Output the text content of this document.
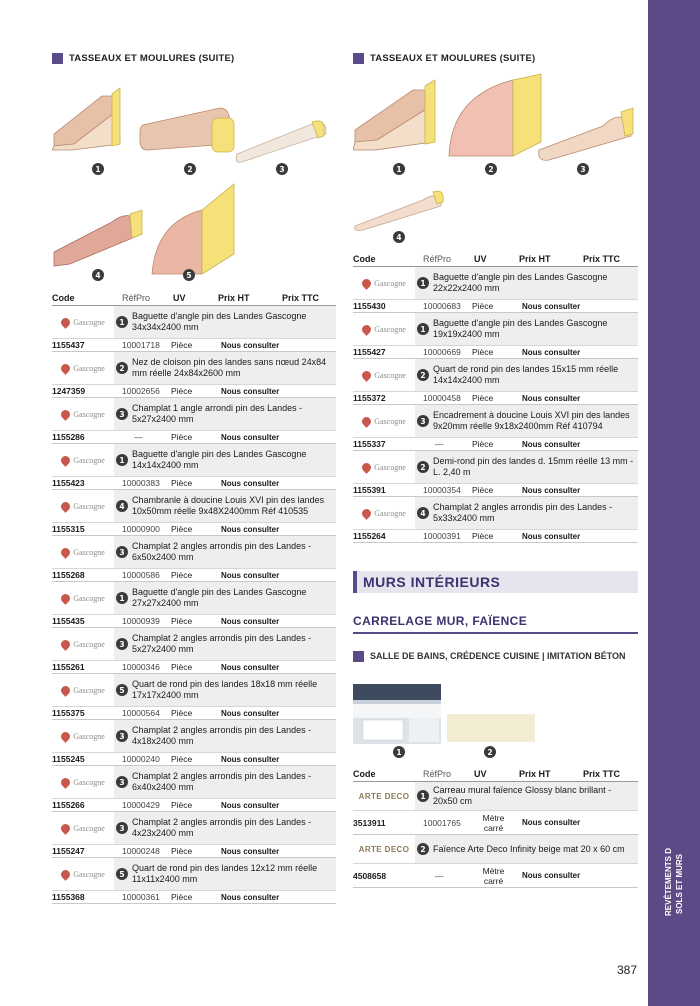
TASSEAUX ET MOULURES (SUITE)
1	2	3
4	5
Code	RéfPro	UV	Prix HT	Prix TTC
Gascogne	1
Baguette d'angle pin des Landes Gascogne 34x34x2400 mm
1155437	10001718	Pièce	Nous consulter
Gascogne	2
Nez de cloison pin des landes sans nœud 24x84 mm réelle 24x84x2600 mm
1247359	10002656	Pièce	Nous consulter
Gascogne	3
Champlat 1 angle arrondi pin des Landes - 5x27x2400 mm
1155286	—	Pièce	Nous consulter
Gascogne	1
Baguette d'angle pin des Landes Gascogne 14x14x2400 mm
1155423	10000383	Pièce	Nous consulter
Gascogne	4
Chambranle à doucine Louis XVI pin des landes 10x50mm réelle 9x48X2400mm Réf 410535
1155315	10000900	Pièce	Nous consulter
Gascogne	3
Champlat 2 angles arrondis pin des Landes - 6x50x2400 mm
1155268	10000586	Pièce	Nous consulter
Gascogne	1
Baguette d'angle pin des Landes Gascogne 27x27x2400 mm
1155435	10000939	Pièce	Nous consulter
Gascogne	3
Champlat 2 angles arrondis pin des Landes - 5x27x2400 mm
1155261	10000346	Pièce	Nous consulter
Gascogne	5
Quart de rond pin des landes 18x18 mm réelle 17x17x2400 mm
1155375	10000564	Pièce	Nous consulter
Gascogne	3
Champlat 2 angles arrondis pin des Landes - 4x18x2400 mm
1155245	10000240	Pièce	Nous consulter
Gascogne	3
Champlat 2 angles arrondis pin des Landes - 6x40x2400 mm
1155266	10000429	Pièce	Nous consulter
Gascogne	3
Champlat 2 angles arrondis pin des Landes - 4x23x2400 mm
1155247	10000248	Pièce	Nous consulter
Gascogne	5
Quart de rond pin des landes 12x12 mm réelle 11x11x2400 mm
1155368	10000361	Pièce	Nous consulter
TASSEAUX ET MOULURES (SUITE)
1	2	3
4
Code	RéfPro	UV	Prix HT	Prix TTC
Gascogne	1
Baguette d'angle pin des Landes Gascogne 22x22x2400 mm
1155430	10000683	Pièce	Nous consulter
Gascogne	1
Baguette d'angle pin des Landes Gascogne 19x19x2400 mm
1155427	10000669	Pièce	Nous consulter
Gascogne	2
Quart de rond pin des landes 15x15 mm réelle 14x14x2400 mm
1155372	10000458	Pièce	Nous consulter
Gascogne	3
Encadrement à doucine Louis XVI pin des landes 9x20mm réelle 9x18x2400mm Réf 410794
1155337	—	Pièce	Nous consulter
Gascogne	2
Demi-rond pin des landes d. 15mm réelle 13 mm -L. 2,40 m
1155391	10000354	Pièce	Nous consulter
Gascogne	4
Champlat 2 angles arrondis pin des Landes - 5x33x2400 mm
1155264	10000391	Pièce	Nous consulter
MURS INTÉRIEURS
CARRELAGE MUR, FAÏENCE
SALLE DE BAINS, CRÉDENCE CUISINE | IMITATION BÉTON
1	2
Code	RéfPro	UV	Prix HT	Prix TTC
ARTE DECO	1
Carreau mural faïence Glossy blanc brillant - 20x50 cm
3513911	10001765	Mètre carré	Nous consulter
ARTE DECO	2 Faïence Arte Deco Infinity beige mat 20 x 60 cm
4508658	—	Mètre carré	Nous consulter	REVÊTEMENTS DE SOLS ET MURS
387
